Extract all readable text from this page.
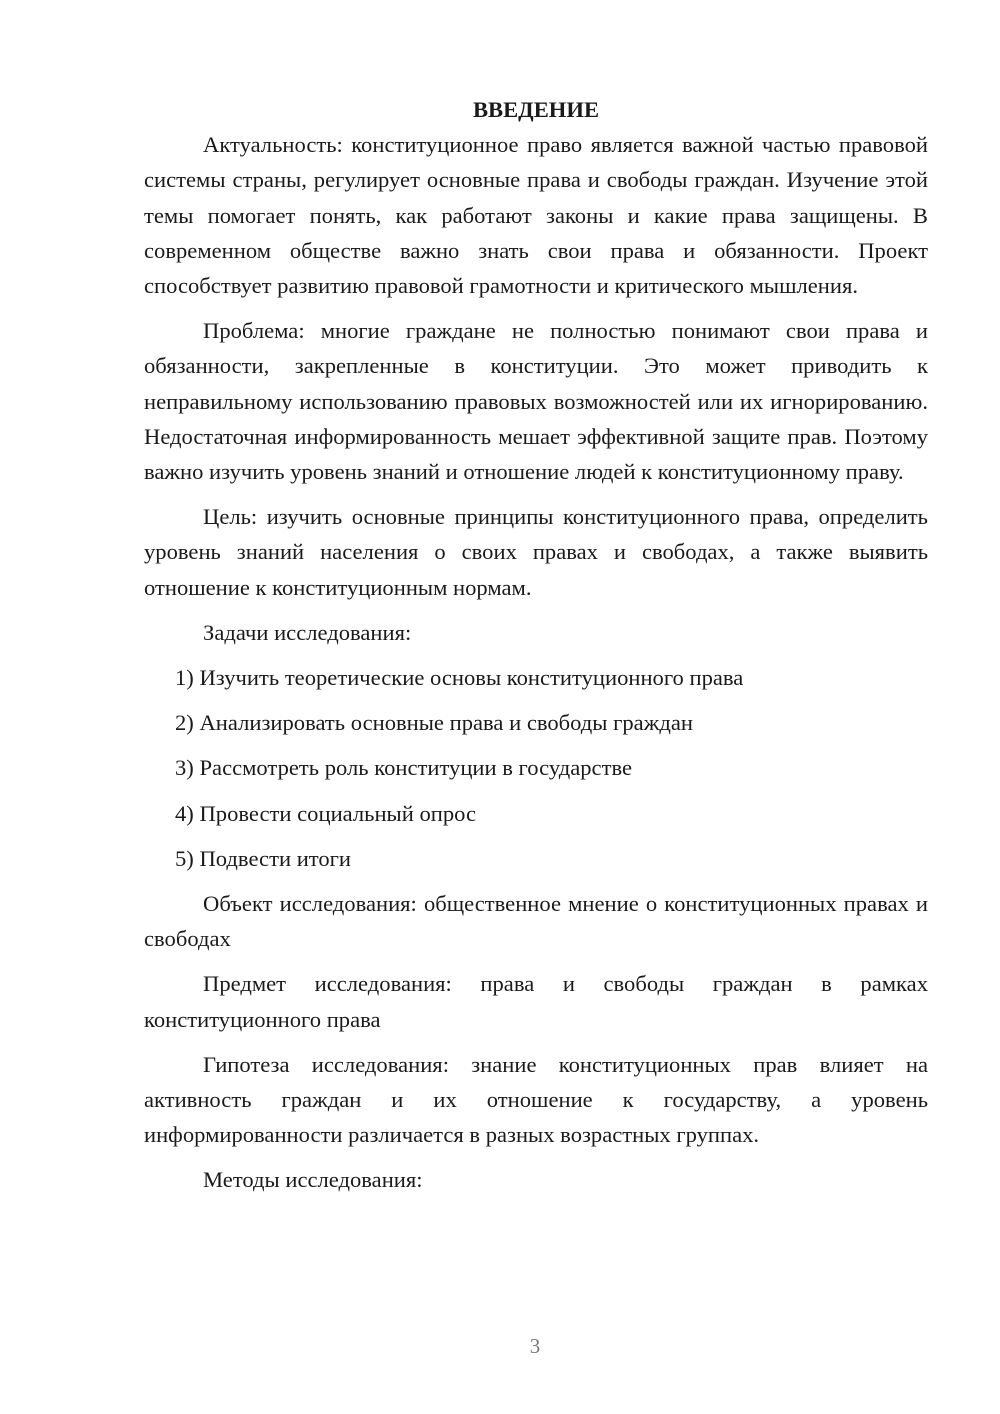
ВВЕДЕНИЕ

Актуальность: конституционное право является важной частью правовой системы страны, регулирует основные права и свободы граждан. Изучение этой темы помогает понять, как работают законы и какие права защищены. В современном обществе важно знать свои права и обязанности. Проект способствует развитию правовой грамотности и критического мышления.

Проблема: многие граждане не полностью понимают свои права и обязанности, закрепленные в конституции. Это может приводить к неправильному использованию правовых возможностей или их игнорированию. Недостаточная информированность мешает эффективной защите прав. Поэтому важно изучить уровень знаний и отношение людей к конституционному праву.

Цель: изучить основные принципы конституционного права, определить уровень знаний населения о своих правах и свободах, а также выявить отношение к конституционным нормам.

Задачи исследования:
1) Изучить теоретические основы конституционного права
2) Анализировать основные права и свободы граждан
3) Рассмотреть роль конституции в государстве
4) Провести социальный опрос
5) Подвести итоги

Объект исследования: общественное мнение о конституционных правах и свободах

Предмет исследования: права и свободы граждан в рамках конституционного права

Гипотеза исследования: знание конституционных прав влияет на активность граждан и их отношение к государству, а уровень информированности различается в разных возрастных группах.

Методы исследования:
3
